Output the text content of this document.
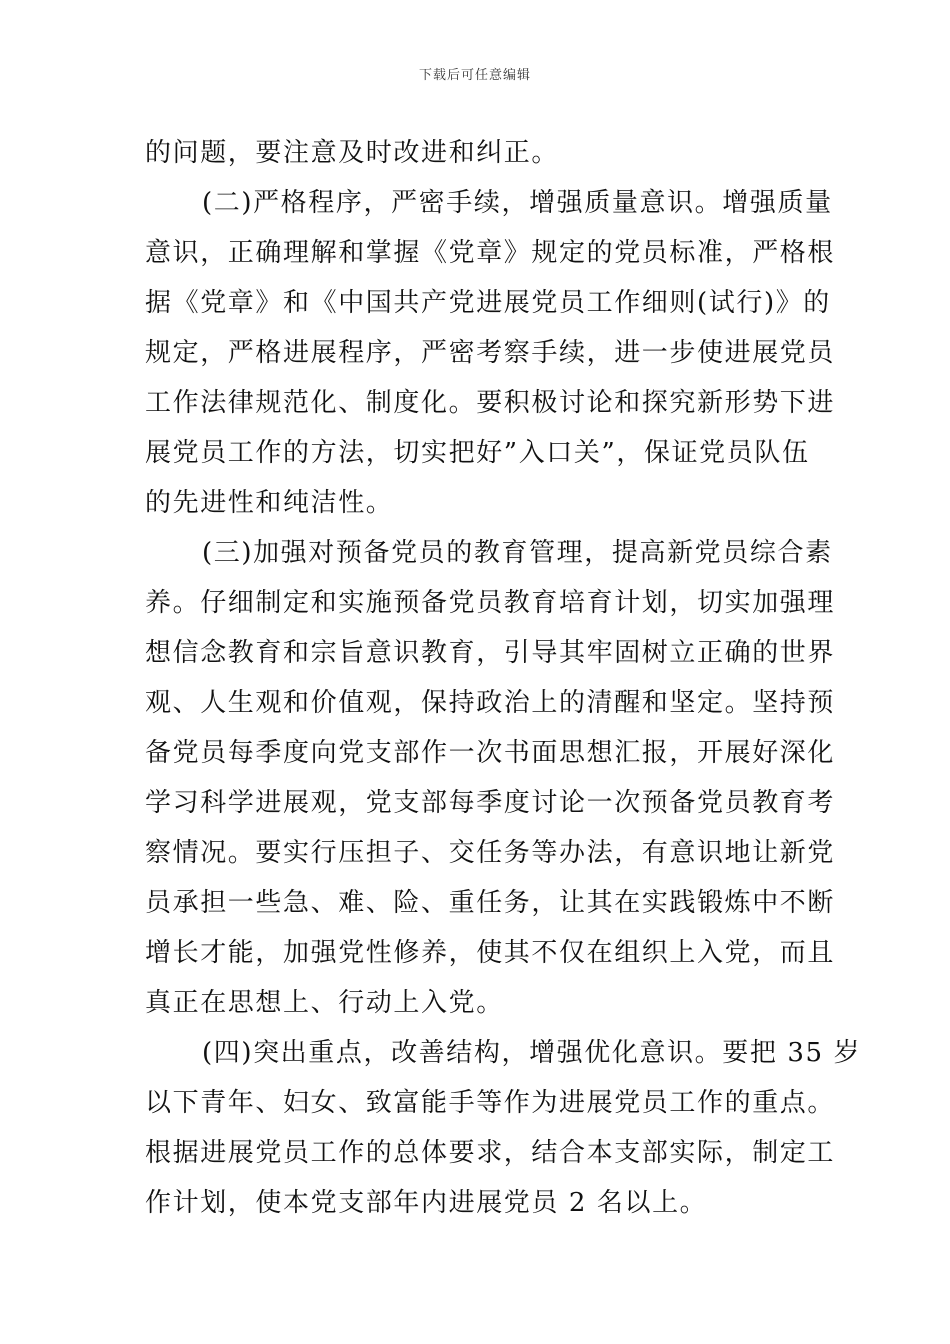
下载后可任意编辑
的问题，要注意及时改进和纠正。
(二)严格程序，严密手续，增强质量意识。增强质量
意识，正确理解和掌握《党章》规定的党员标准，严格根
据《党章》和《中国共产党进展党员工作细则(试行)》的
规定，严格进展程序，严密考察手续，进一步使进展党员
工作法律规范化、制度化。要积极讨论和探究新形势下进
展党员工作的方法，切实把好”入口关”，保证党员队伍
的先进性和纯洁性。
(三)加强对预备党员的教育管理，提高新党员综合素
养。仔细制定和实施预备党员教育培育计划，切实加强理
想信念教育和宗旨意识教育，引导其牢固树立正确的世界
观、人生观和价值观，保持政治上的清醒和坚定。坚持预
备党员每季度向党支部作一次书面思想汇报，开展好深化
学习科学进展观，党支部每季度讨论一次预备党员教育考
察情况。要实行压担子、交任务等办法，有意识地让新党
员承担一些急、难、险、重任务，让其在实践锻炼中不断
增长才能，加强党性修养，使其不仅在组织上入党，而且
真正在思想上、行动上入党。
(四)突出重点，改善结构，增强优化意识。要把 35 岁
以下青年、妇女、致富能手等作为进展党员工作的重点。
根据进展党员工作的总体要求，结合本支部实际，制定工
作计划，使本党支部年内进展党员 2 名以上。
